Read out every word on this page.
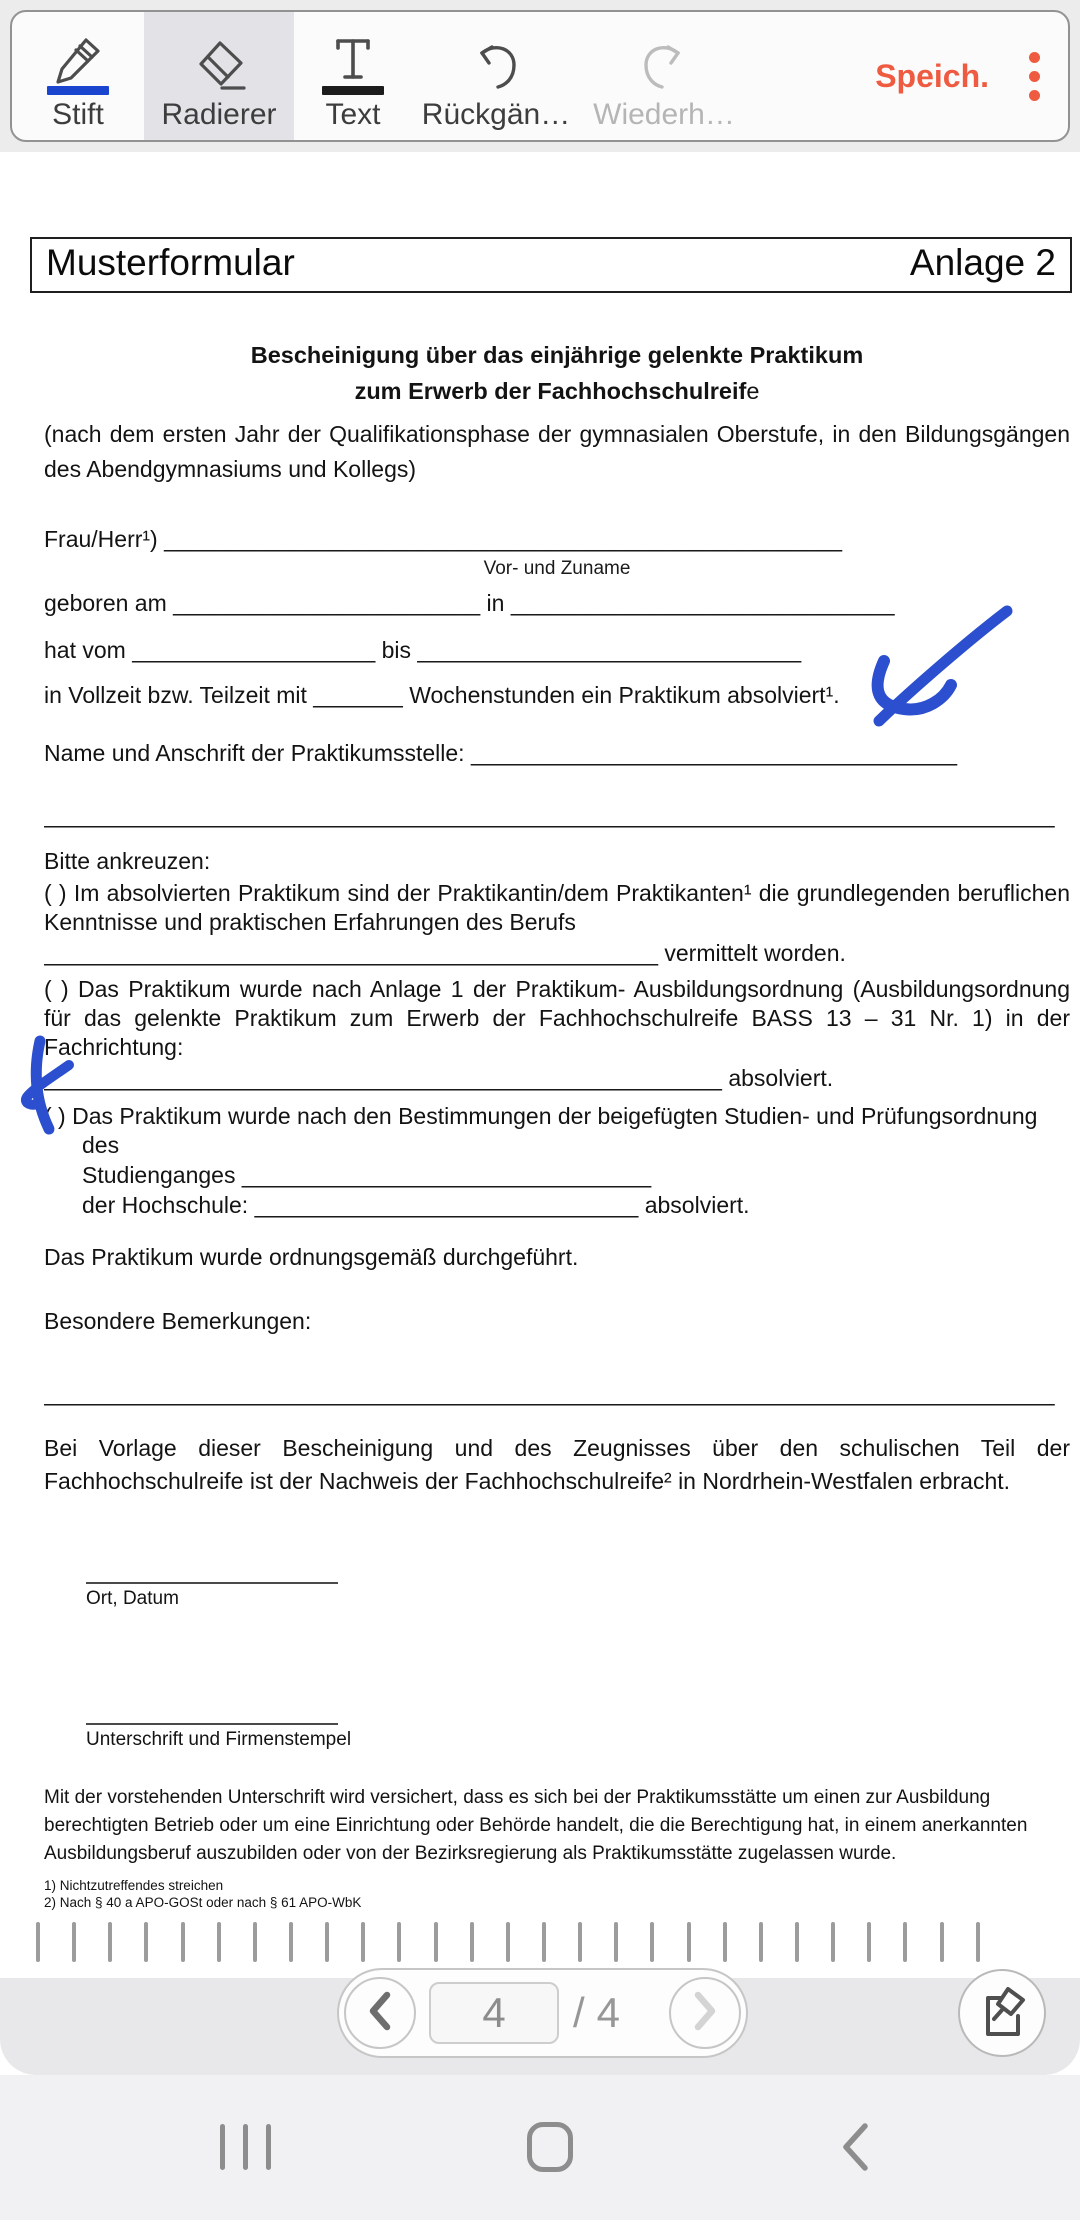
Stift Radierer Text Rückgän… Wiederh…
Speich.
Musterformular	Anlage 2
Bescheinigung über das einjährige gelenkte Praktikum
zum Erwerb der Fachhochschulreife
(nach dem ersten Jahr der Qualifikationsphase der gymnasialen Oberstufe, in den Bildungsgängen des Abendgymnasiums und Kollegs)
Frau/Herr¹) _____________________________________________________
Vor- und Zuname
geboren am ________________________ in ______________________________
hat vom ___________________ bis ______________________________
in Vollzeit bzw. Teilzeit mit _______ Wochenstunden ein Praktikum absolviert¹.
Name und Anschrift der Praktikumsstelle: ______________________________________
_______________________________________________________________________________
Bitte ankreuzen:
( ) Im absolvierten Praktikum sind der Praktikantin/dem Praktikanten¹ die grundlegenden beruflichen Kenntnisse und praktischen Erfahrungen des Berufs
________________________________________________ vermittelt worden.
( ) Das Praktikum wurde nach Anlage 1 der Praktikum- Ausbildungsordnung (Ausbildungsordnung für das gelenkte Praktikum zum Erwerb der Fachhochschulreife BASS 13 – 31 Nr. 1) in der Fachrichtung:
_____________________________________________________ absolviert.
( ) Das Praktikum wurde nach den Bestimmungen der beigefügten Studien- und Prüfungsordnung des
Studienganges ________________________________
der Hochschule: ______________________________ absolviert.
Das Praktikum wurde ordnungsgemäß durchgeführt.
Besondere Bemerkungen:
_______________________________________________________________________________
Bei Vorlage dieser Bescheinigung und des Zeugnisses über den schulischen Teil der Fachhochschulreife ist der Nachweis der Fachhochschulreife² in Nordrhein-Westfalen erbracht.
Ort, Datum
Unterschrift und Firmenstempel
Mit der vorstehenden Unterschrift wird versichert, dass es sich bei der Praktikumsstätte um einen zur Ausbildung berechtigten Betrieb oder um eine Einrichtung oder Behörde handelt, die die Berechtigung hat, in einem anerkannten Ausbildungsberuf auszubilden oder von der Bezirksregierung als Praktikumsstätte zugelassen wurde.
1) Nichtzutreffendes streichen
2) Nach § 40 a APO-GOSt oder nach § 61 APO-WbK
4	/ 4
